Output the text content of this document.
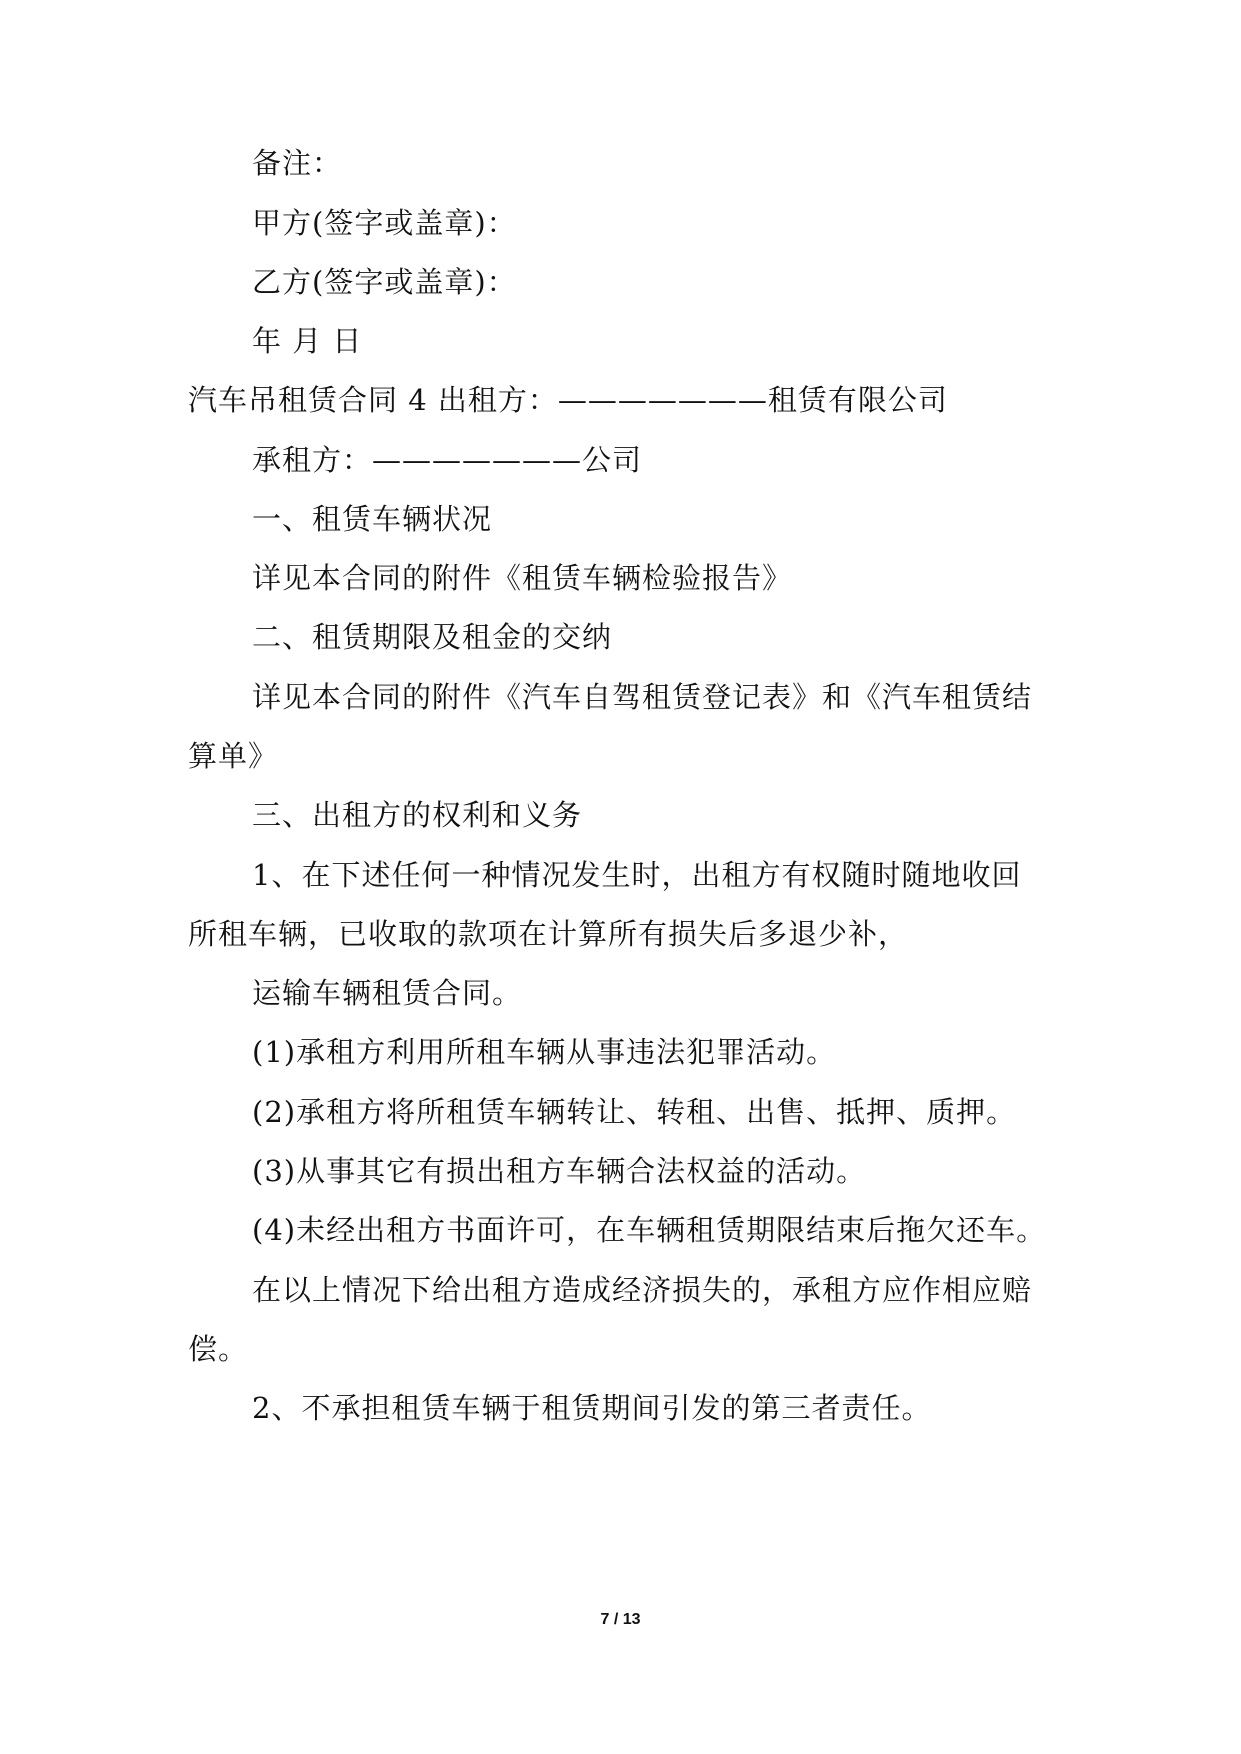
备注：
甲方(签字或盖章)：
乙方(签字或盖章)：
年 月 日
汽车吊租赁合同 4 出租方：———————租赁有限公司
承租方：———————公司
一、租赁车辆状况
详见本合同的附件《租赁车辆检验报告》
二、租赁期限及租金的交纳
详见本合同的附件《汽车自驾租赁登记表》和《汽车租赁结
算单》
三、出租方的权利和义务
1、在下述任何一种情况发生时，出租方有权随时随地收回
所租车辆，已收取的款项在计算所有损失后多退少补，
运输车辆租赁合同。
(1)承租方利用所租车辆从事违法犯罪活动。
(2)承租方将所租赁车辆转让、转租、出售、抵押、质押。
(3)从事其它有损出租方车辆合法权益的活动。
(4)未经出租方书面许可，在车辆租赁期限结束后拖欠还车。
在以上情况下给出租方造成经济损失的，承租方应作相应赔
偿。
2、不承担租赁车辆于租赁期间引发的第三者责任。
7 / 13
